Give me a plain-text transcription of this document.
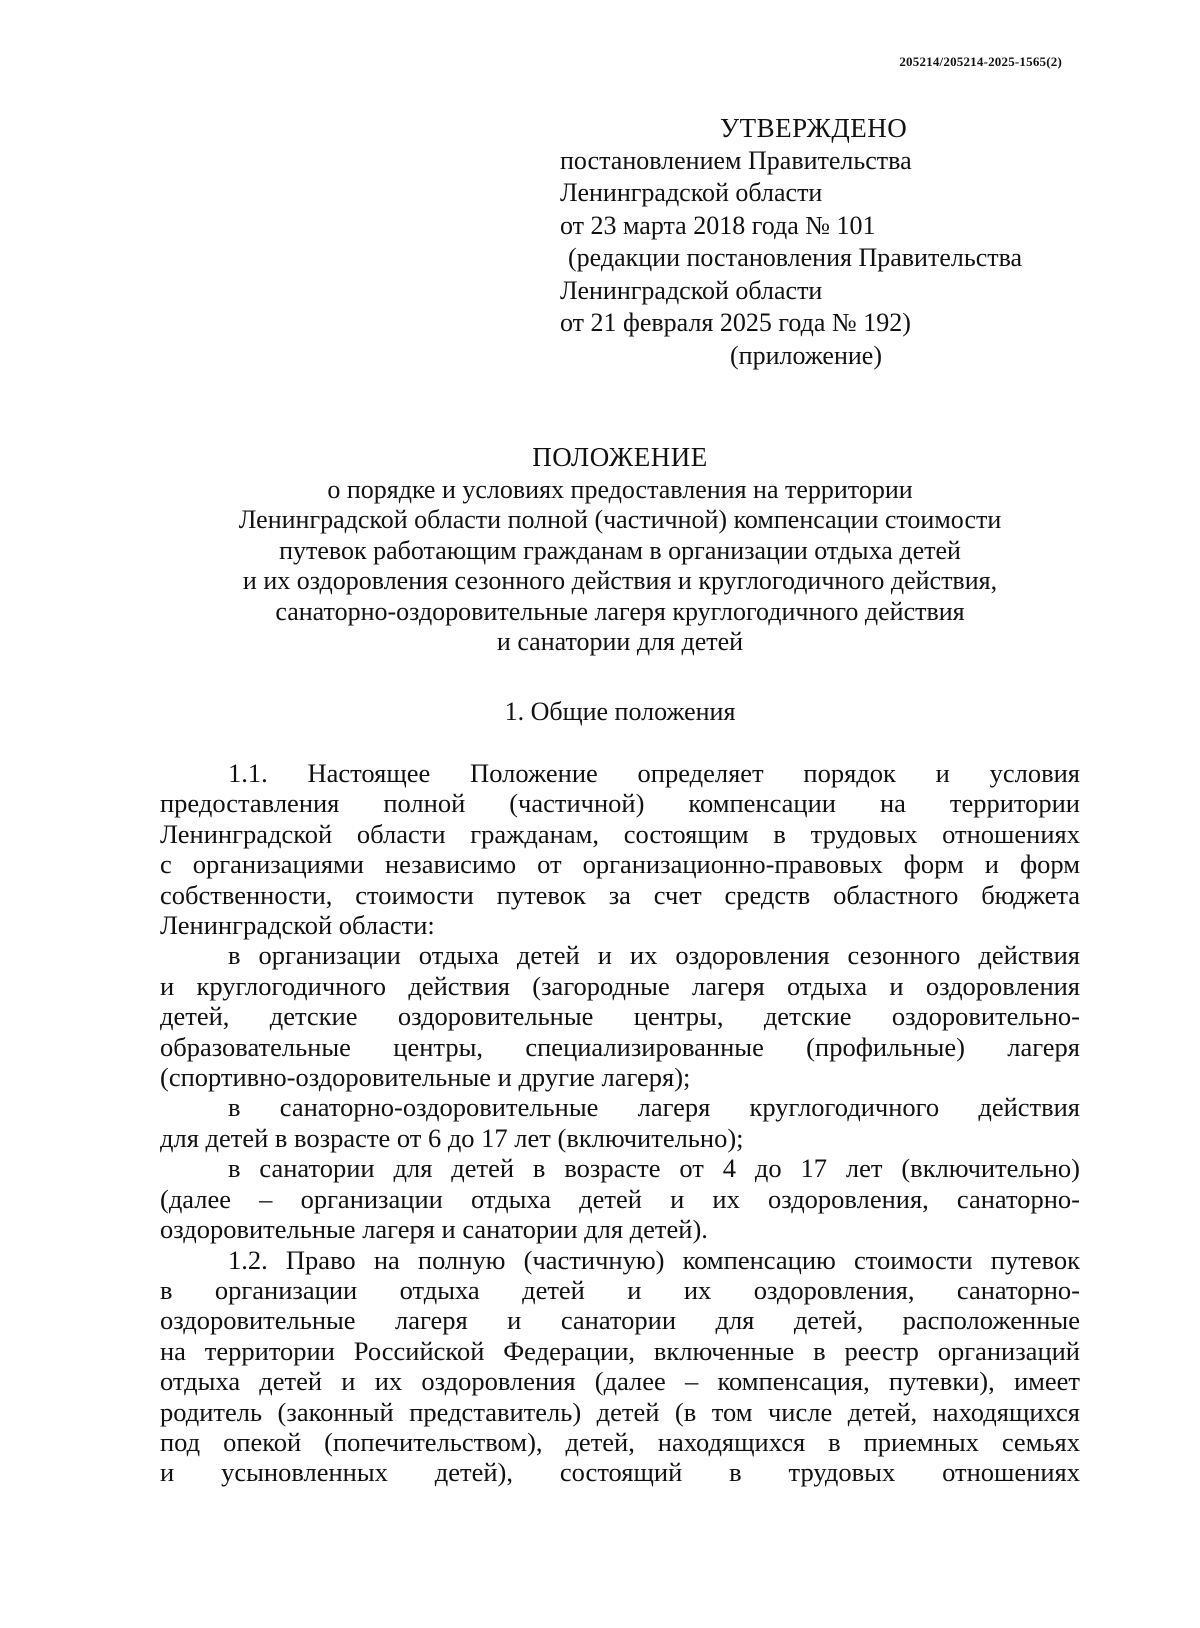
205214/205214-2025-1565(2)
УТВЕРЖДЕНО
постановлением Правительства
Ленинградской области
от 23 марта 2018 года № 101
(редакции постановления Правительства
Ленинградской области
от 21 февраля 2025 года № 192)
(приложение)
ПОЛОЖЕНИЕ
о порядке и условиях предоставления на территории
Ленинградской области полной (частичной) компенсации стоимости
путевок работающим гражданам в организации отдыха детей
и их оздоровления сезонного действия и круглогодичного действия,
санаторно-оздоровительные лагеря круглогодичного действия
и санатории для детей
1. Общие положения
1.1. Настоящее Положение определяет порядок и условия
предоставления полной (частичной) компенсации на территории
Ленинградской области гражданам, состоящим в трудовых отношениях
с организациями независимо от организационно-правовых форм и форм
собственности, стоимости путевок за счет средств областного бюджета
Ленинградской области:
в организации отдыха детей и их оздоровления сезонного действия
и круглогодичного действия (загородные лагеря отдыха и оздоровления
детей, детские оздоровительные центры, детские оздоровительно-
образовательные центры, специализированные (профильные) лагеря
(спортивно-оздоровительные и другие лагеря);
в санаторно-оздоровительные лагеря круглогодичного действия
для детей в возрасте от 6 до 17 лет (включительно);
в санатории для детей в возрасте от 4 до 17 лет (включительно)
(далее – организации отдыха детей и их оздоровления, санаторно-
оздоровительные лагеря и санатории для детей).
1.2. Право на полную (частичную) компенсацию стоимости путевок
в организации отдыха детей и их оздоровления, санаторно-
оздоровительные лагеря и санатории для детей, расположенные
на территории Российской Федерации, включенные в реестр организаций
отдыха детей и их оздоровления (далее – компенсация, путевки), имеет
родитель (законный представитель) детей (в том числе детей, находящихся
под опекой (попечительством), детей, находящихся в приемных семьях
и усыновленных детей), состоящий в трудовых отношениях
